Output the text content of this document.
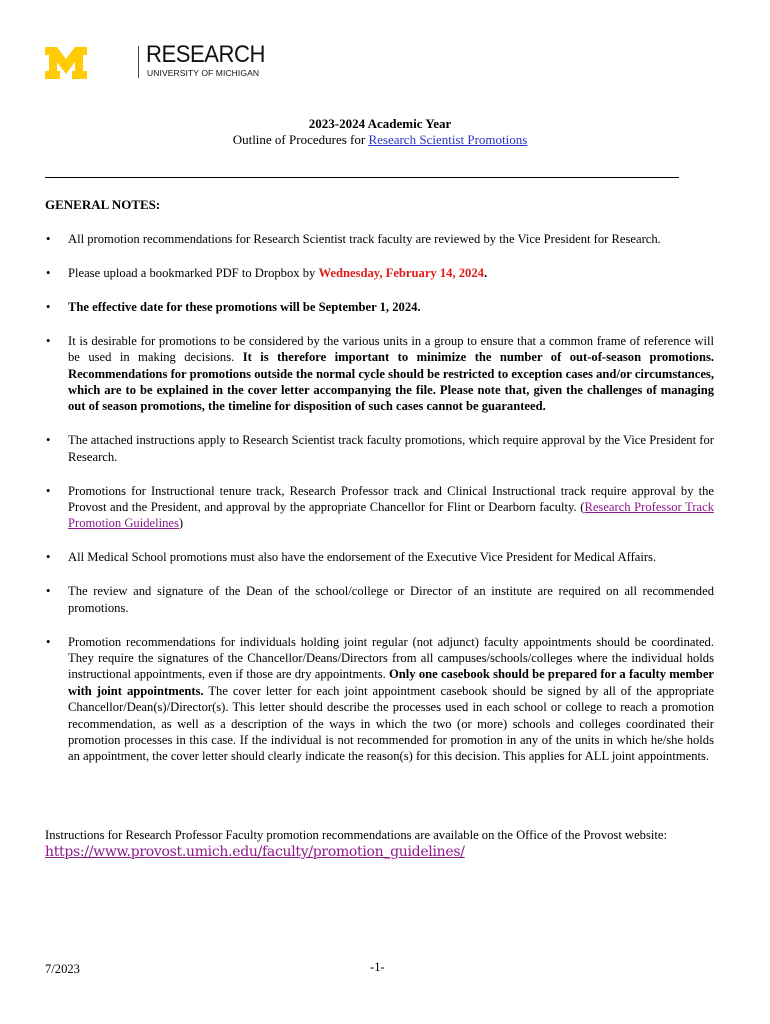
RESEARCH
UNIVERSITY OF MICHIGAN
2023-2024 Academic Year
Outline of Procedures for Research Scientist Promotions
GENERAL NOTES:
• All promotion recommendations for Research Scientist track faculty are reviewed by the Vice President for Research.
• Please upload a bookmarked PDF to Dropbox by Wednesday, February 14, 2024.
• The effective date for these promotions will be September 1, 2024.
• It is desirable for promotions to be considered by the various units in a group to ensure that a common frame of reference will be used in making decisions. It is therefore important to minimize the number of out-of-season promotions. Recommendations for promotions outside the normal cycle should be restricted to exception cases and/or circumstances, which are to be explained in the cover letter accompanying the file. Please note that, given the challenges of managing out of season promotions, the timeline for disposition of such cases cannot be guaranteed.
• The attached instructions apply to Research Scientist track faculty promotions, which require approval by the Vice President for Research.
• Promotions for Instructional tenure track, Research Professor track and Clinical Instructional track require approval by the Provost and the President, and approval by the appropriate Chancellor for Flint or Dearborn faculty. (Research Professor Track Promotion Guidelines)
• All Medical School promotions must also have the endorsement of the Executive Vice President for Medical Affairs.
• The review and signature of the Dean of the school/college or Director of an institute are required on all recommended promotions.
• Promotion recommendations for individuals holding joint regular (not adjunct) faculty appointments should be coordinated. They require the signatures of the Chancellor/Deans/Directors from all campuses/schools/colleges where the individual holds instructional appointments, even if those are dry appointments. Only one casebook should be prepared for a faculty member with joint appointments. The cover letter for each joint appointment casebook should be signed by all of the appropriate Chancellor/Dean(s)/Director(s). This letter should describe the processes used in each school or college to reach a promotion recommendation, as well as a description of the ways in which the two (or more) schools and colleges coordinated their promotion processes in this case. If the individual is not recommended for promotion in any of the units in which he/she holds an appointment, the cover letter should clearly indicate the reason(s) for this decision. This applies for ALL joint appointments.
Instructions for Research Professor Faculty promotion recommendations are available on the Office of the Provost website: https://www.provost.umich.edu/faculty/promotion_guidelines/
7/2023	-1-
